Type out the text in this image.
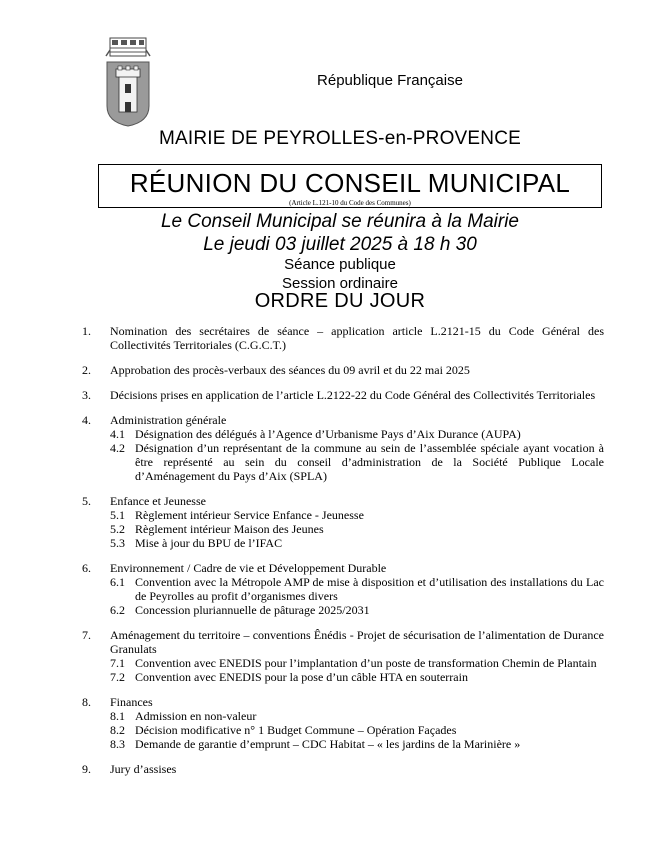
République Française
MAIRIE DE PEYROLLES-en-PROVENCE
RÉUNION DU CONSEIL MUNICIPAL
(Article L.121-10 du Code des Communes)
Le Conseil Municipal se réunira à la Mairie
Le jeudi 03 juillet 2025 à 18 h 30
Séance publique
Session ordinaire
ORDRE DU JOUR
1. Nomination des secrétaires de séance – application article L.2121-15 du Code Général des Collectivités Territoriales (C.G.C.T.)
2. Approbation des procès-verbaux des séances du 09 avril et du 22 mai 2025
3. Décisions prises en application de l’article L.2122-22 du Code Général des Collectivités Territoriales
4. Administration générale
4.1 Désignation des délégués à l’Agence d’Urbanisme Pays d’Aix Durance (AUPA)
4.2 Désignation d’un représentant de la commune au sein de l’assemblée spéciale ayant vocation à être représenté au sein du conseil d’administration de la Société Publique Locale d’Aménagement du Pays d’Aix (SPLA)
5. Enfance et Jeunesse
5.1 Règlement intérieur Service Enfance - Jeunesse
5.2 Règlement intérieur Maison des Jeunes
5.3 Mise à jour du BPU de l’IFAC
6. Environnement / Cadre de vie et Développement Durable
6.1 Convention avec la Métropole AMP de mise à disposition et d’utilisation des installations du Lac de Peyrolles au profit d’organismes divers
6.2 Concession pluriannuelle de pâturage 2025/2031
7. Aménagement du territoire – conventions Ênédis - Projet de sécurisation de l’alimentation de Durance Granulats
7.1 Convention avec ENEDIS pour l’implantation d’un poste de transformation Chemin de Plantain
7.2 Convention avec ENEDIS pour la pose d’un câble HTA en souterrain
8. Finances
8.1 Admission en non-valeur
8.2 Décision modificative n° 1 Budget Commune – Opération Façades
8.3 Demande de garantie d’emprunt – CDC Habitat – « les jardins de la Marinière »
9. Jury d’assises
